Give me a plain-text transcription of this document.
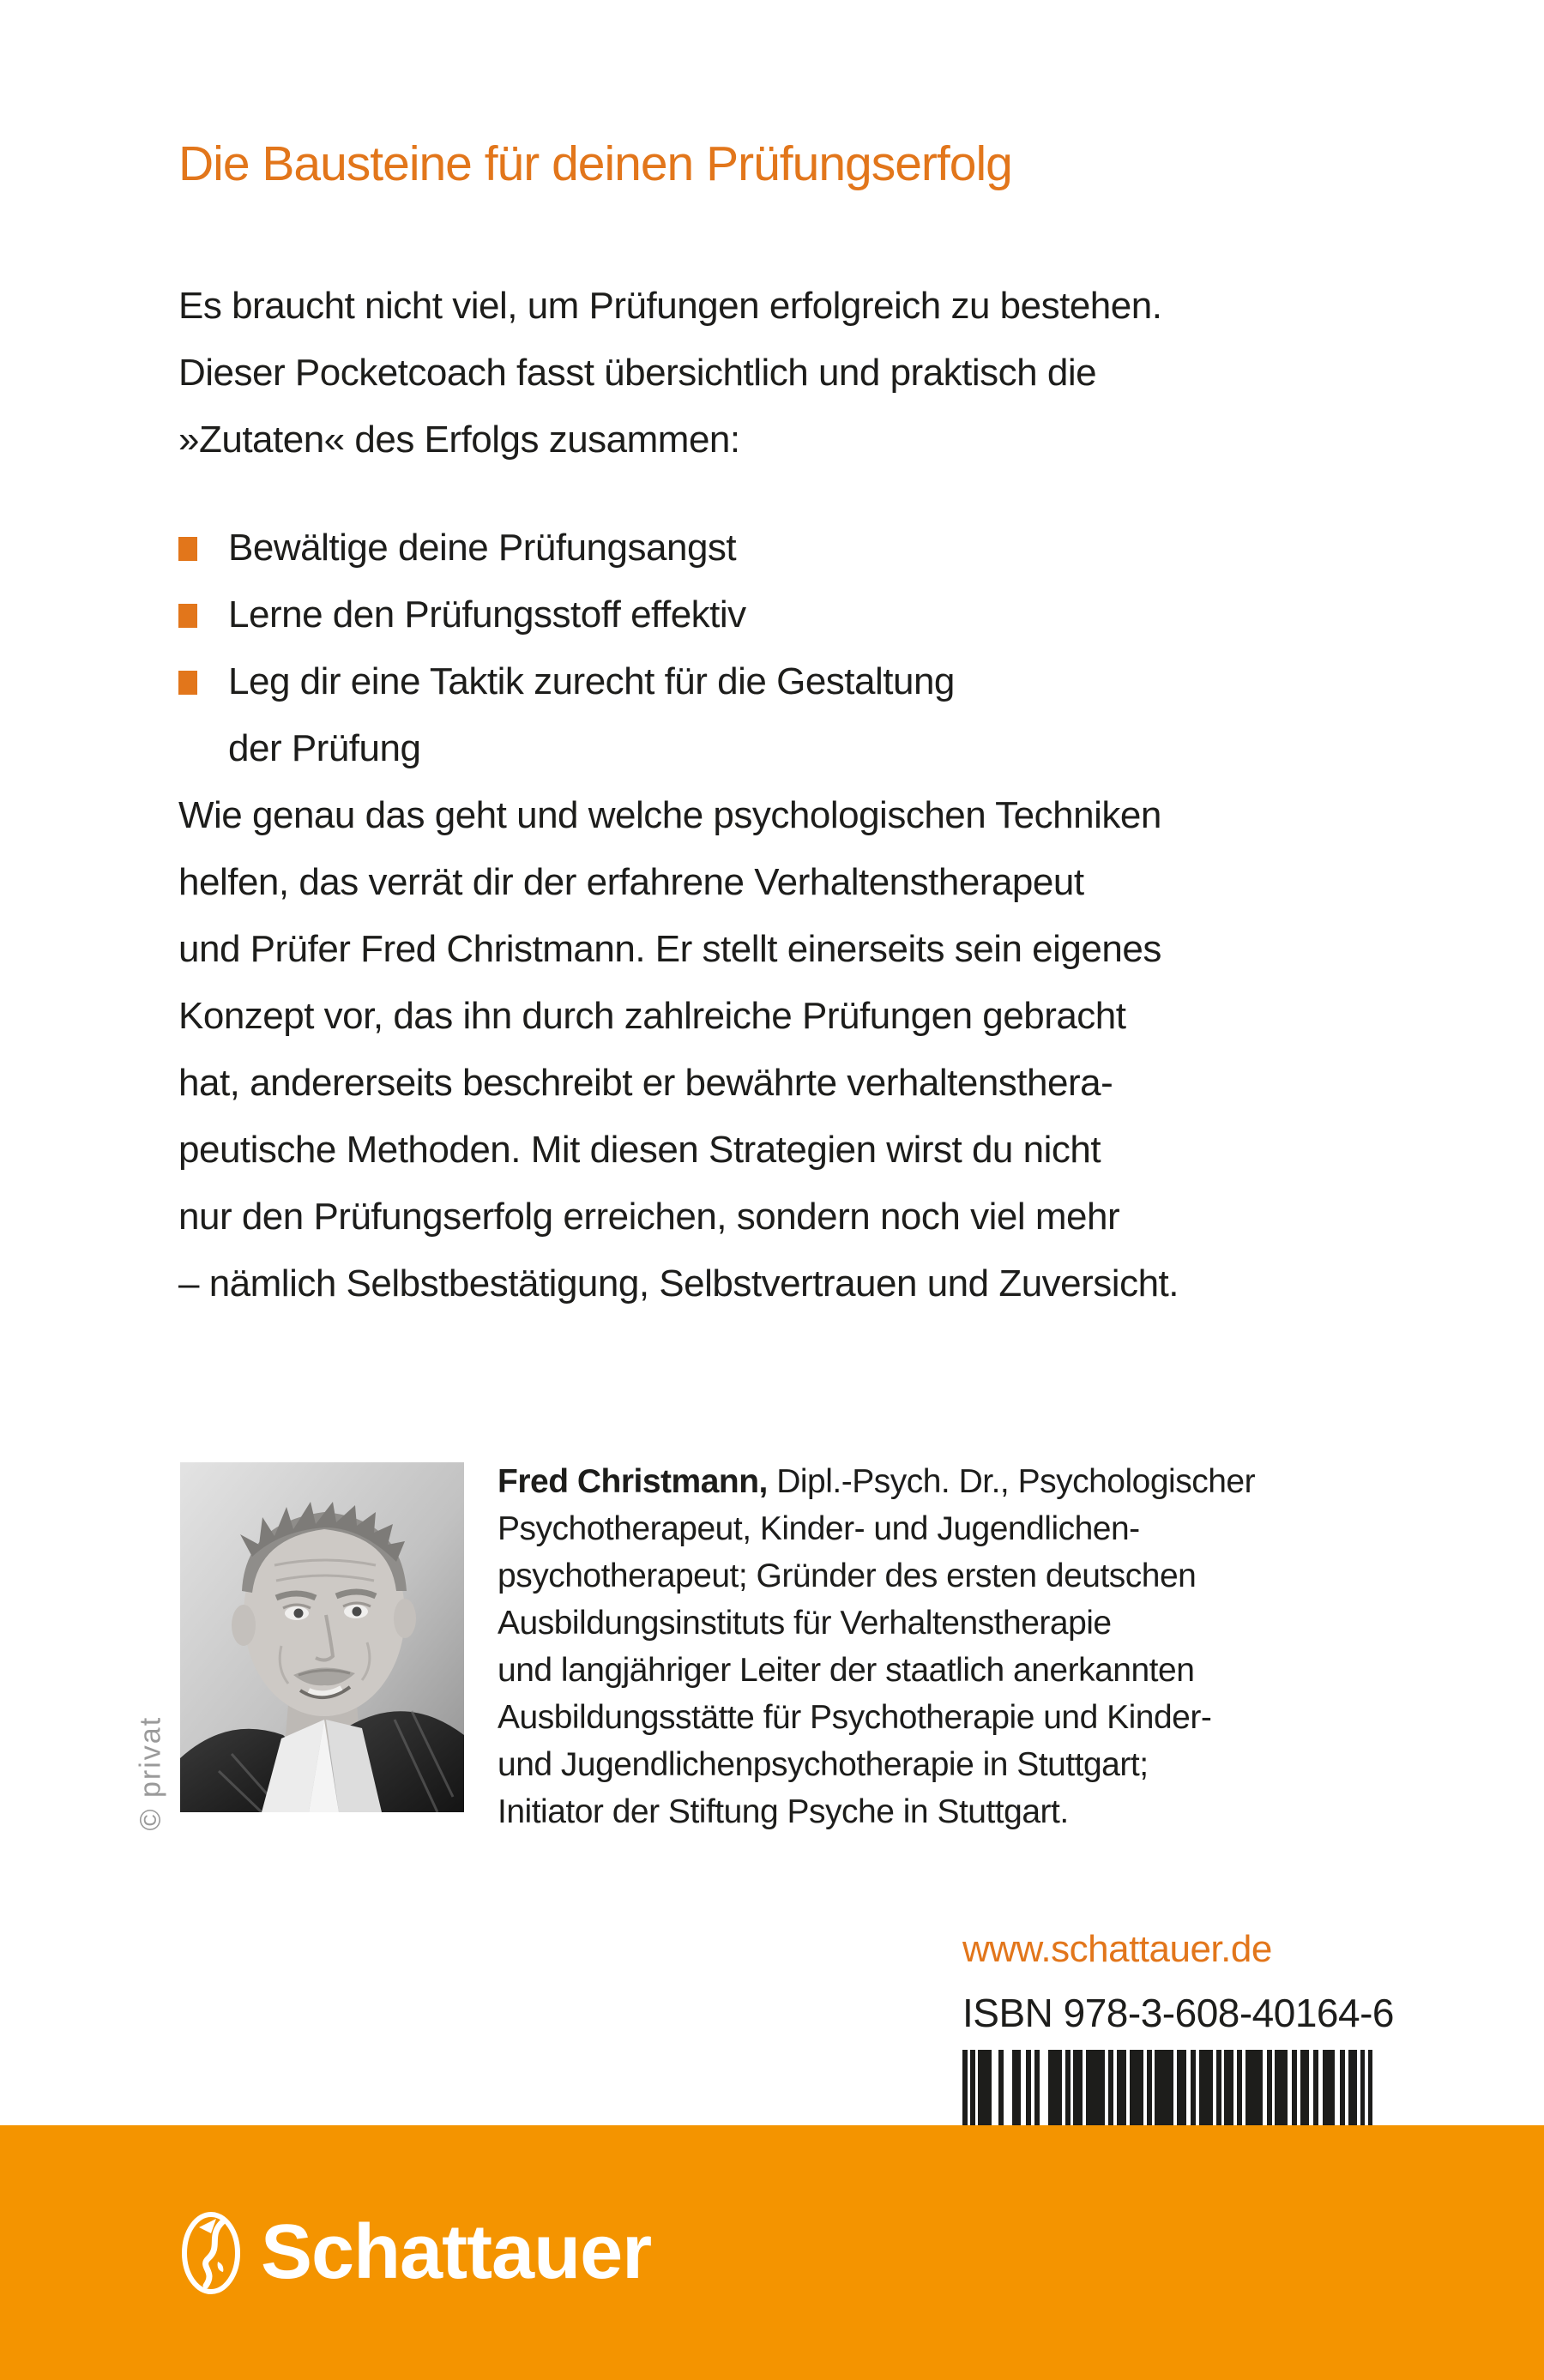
Die Bausteine für deinen Prüfungserfolg
Es braucht nicht viel, um Prüfungen erfolgreich zu bestehen.
Dieser Pocketcoach fasst übersichtlich und praktisch die
»Zutaten« des Erfolgs zusammen:
Bewältige deine Prüfungsangst
Lerne den Prüfungsstoff effektiv
Leg dir eine Taktik zurecht für die Gestaltung
der Prüfung
Wie genau das geht und welche psychologischen Techniken
helfen, das verrät dir der erfahrene Verhaltenstherapeut
und Prüfer Fred Christmann. Er stellt einerseits sein eigenes
Konzept vor, das ihn durch zahlreiche Prüfungen gebracht
hat, andererseits beschreibt er bewährte verhaltensthera-
peutische Methoden. Mit diesen Strategien wirst du nicht
nur den Prüfungserfolg erreichen, sondern noch viel mehr
– nämlich Selbstbestätigung, Selbstvertrauen und Zuversicht.
© privat
Fred Christmann, Dipl.-Psych. Dr., Psychologischer
Psychotherapeut, Kinder- und Jugendlichen-
psychotherapeut; Gründer des ersten deutschen
Ausbildungsinstituts für Verhaltenstherapie
und langjähriger Leiter der staatlich anerkannten
Ausbildungsstätte für Psychotherapie und Kinder-
und Jugendlichenpsychotherapie in Stuttgart;
Initiator der Stiftung Psyche in Stuttgart.
www.schattauer.de
ISBN 978-3-608-40164-6
Schattauer
